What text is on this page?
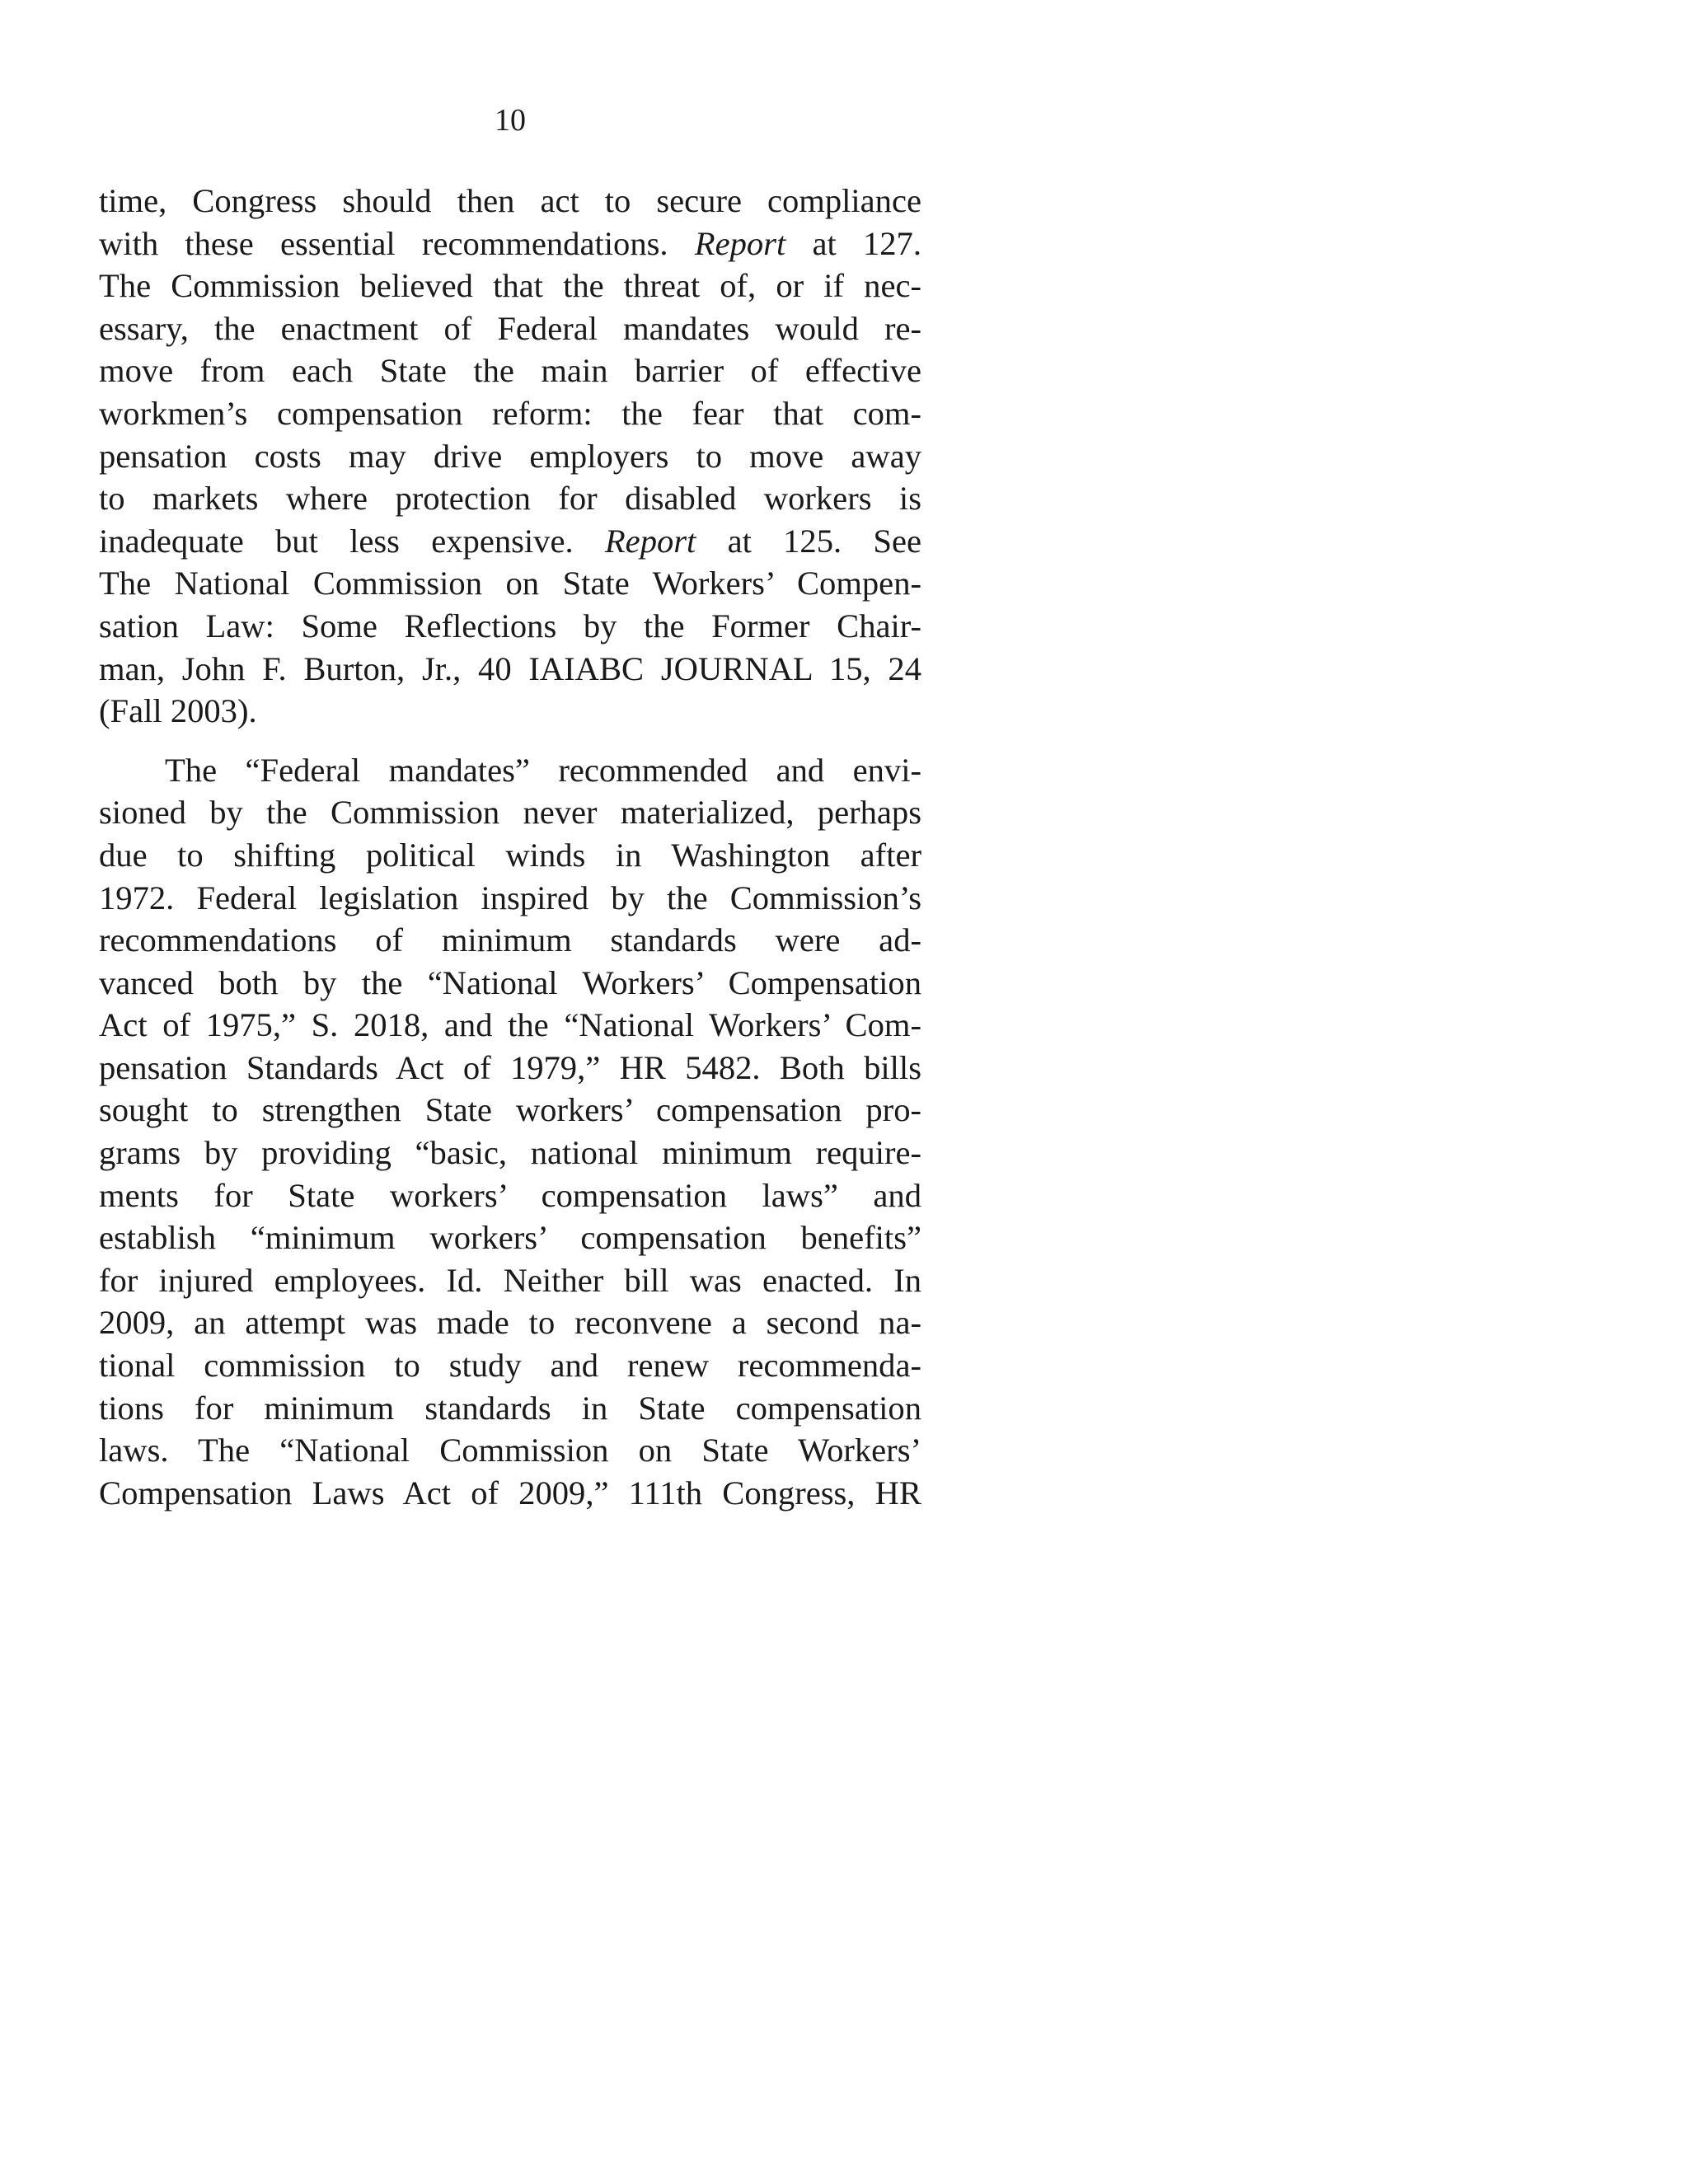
10
time, Congress should then act to secure compliance
with these essential recommendations. Report at 127.
The Commission believed that the threat of, or if nec-
essary, the enactment of Federal mandates would re-
move from each State the main barrier of effective
workmen’s compensation reform: the fear that com-
pensation costs may drive employers to move away
to markets where protection for disabled workers is
inadequate but less expensive. Report at 125. See
The National Commission on State Workers’ Compen-
sation Law: Some Reflections by the Former Chair-
man, John F. Burton, Jr., 40 IAIABC JOURNAL 15, 24
(Fall 2003).
The “Federal mandates” recommended and envi-
sioned by the Commission never materialized, perhaps
due to shifting political winds in Washington after
1972. Federal legislation inspired by the Commission’s
recommendations of minimum standards were ad-
vanced both by the “National Workers’ Compensation
Act of 1975,” S. 2018, and the “National Workers’ Com-
pensation Standards Act of 1979,” HR 5482. Both bills
sought to strengthen State workers’ compensation pro-
grams by providing “basic, national minimum require-
ments for State workers’ compensation laws” and
establish “minimum workers’ compensation benefits”
for injured employees. Id. Neither bill was enacted. In
2009, an attempt was made to reconvene a second na-
tional commission to study and renew recommenda-
tions for minimum standards in State compensation
laws. The “National Commission on State Workers’
Compensation Laws Act of 2009,” 111th Congress, HR
